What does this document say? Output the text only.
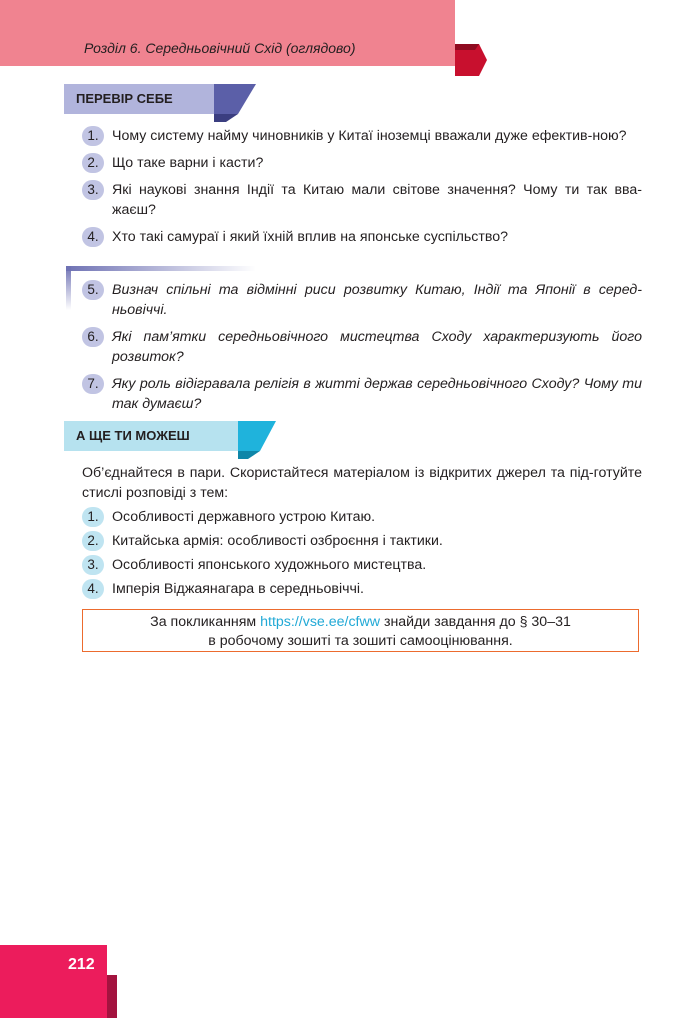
Розділ 6. Середньовічний Схід (оглядово)
ПЕРЕВІР СЕБЕ
1. Чому систему найму чиновників у Китаї іноземці вважали дуже ефектив-ною?
2. Що таке варни і касти?
3. Які наукові знання Індії та Китаю мали світове значення? Чому ти так вва-жаєш?
4. Хто такі самураї і який їхній вплив на японське суспільство?
5. Визнач спільні та відмінні риси розвитку Китаю, Індії та Японії в серед-ньовіччі.
6. Які пам’ятки середньовічного мистецтва Сходу характеризують його розвиток?
7. Яку роль відігравала релігія в житті держав середньовічного Сходу? Чому ти так думаєш?
А ЩЕ ТИ МОЖЕШ

Об’єднайтеся в пари. Скористайтеся матеріалом із відкритих джерел та під-готуйте стислі розповіді з тем:

1. Особливості державного устрою Китаю.
2. Китайська армія: особливості озброєння і тактики.
3. Особливості японського художнього мистецтва.
4. Імперія Віджаянагара в середньовіччі.
За покликанням https://vse.ee/cfww знайди завдання до § 30–31
в робочому зошиті та зошиті самооцінювання.
212
